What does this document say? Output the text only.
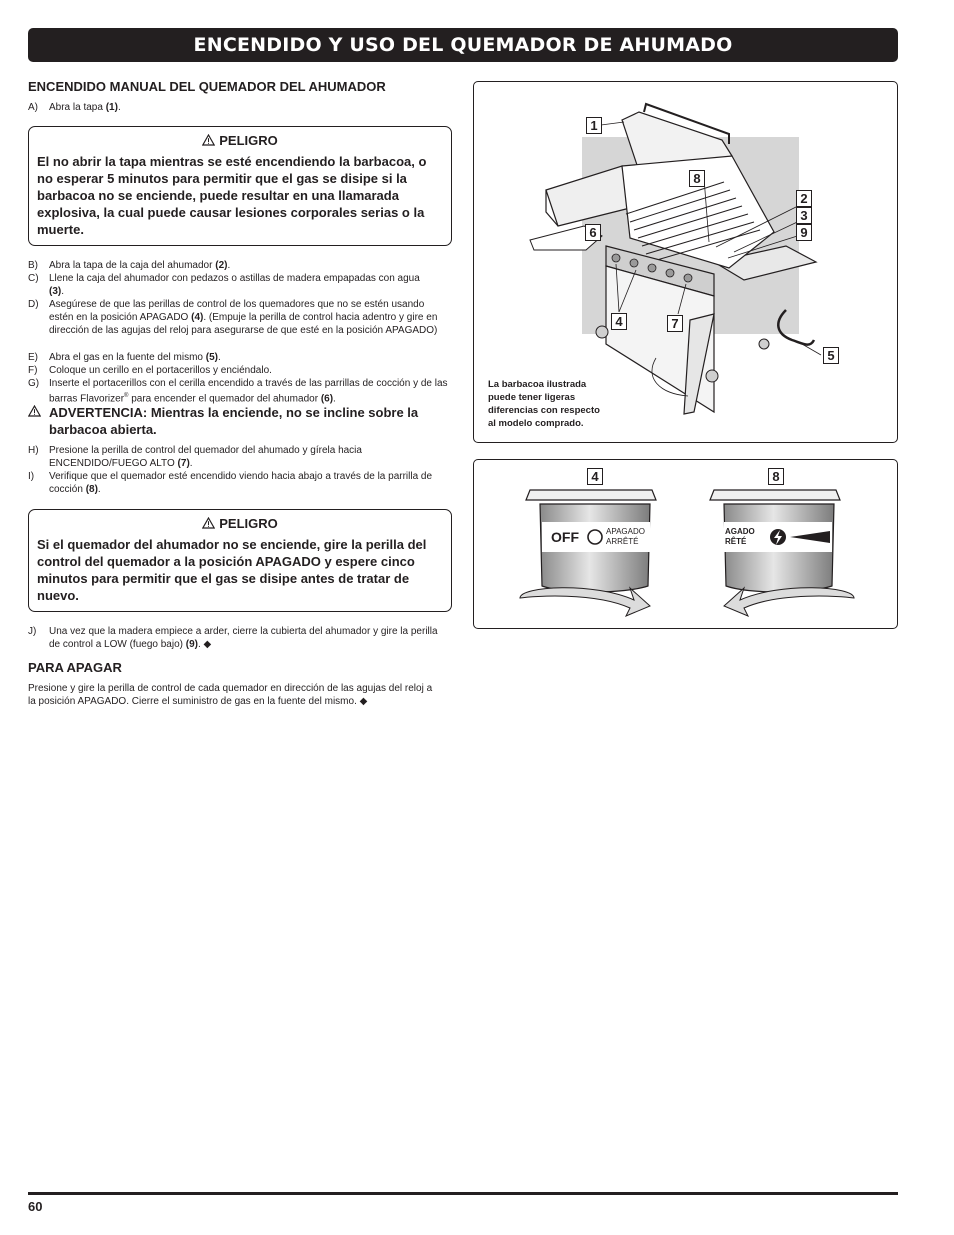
ENCENDIDO Y USO DEL QUEMADOR DE AHUMADO
ENCENDIDO MANUAL DEL QUEMADOR DEL AHUMADOR
A) Abra la tapa (1).
PELIGRO
El no abrir la tapa mientras se esté encendiendo la barbacoa, o no esperar 5 minutos para permitir que el gas se disipe si la barbacoa no se enciende, puede resultar en una llamarada explosiva, la cual puede causar lesiones corporales serias o la muerte.
B) Abra la tapa de la caja del ahumador (2).
C) Llene la caja del ahumador con pedazos o astillas de madera empapadas con agua (3).
D) Asegúrese de que las perillas de control de los quemadores que no se estén usando estén en la posición APAGADO (4). (Empuje la perilla de control hacia adentro y gire en dirección de las agujas del reloj para asegurarse de que esté en la posición APAGADO)
E) Abra el gas en la fuente del mismo (5).
F) Coloque un cerillo en el portacerillos y enciéndalo.
G) Inserte el portacerillos con el cerilla encendido a través de las parrillas de cocción y de las barras Flavorizer® para encender el quemador del ahumador (6).
ADVERTENCIA: Mientras la enciende, no se incline sobre la barbacoa abierta.
H) Presione la perilla de control del quemador del ahumado y gírela hacia ENCENDIDO/FUEGO ALTO (7).
I) Verifique que el quemador esté encendido viendo hacia abajo a través de la parrilla de cocción (8).
PELIGRO
Si el quemador del ahumador no se enciende, gire la perilla del control del quemador a la posición APAGADO y espere cinco minutos para permitir que el gas se disipe antes de tratar de nuevo.
J) Una vez que la madera empiece a arder, cierre la cubierta del ahumador y gire la perilla de control a LOW (fuego bajo) (9). ◆
PARA APAGAR
Presione y gire la perilla de control de cada quemador en dirección de las agujas del reloj a la posición APAGADO. Cierre el suministro de gas en la fuente del mismo. ◆
1
8
6
2
3
9
4	7
5
La barbacoa ilustrada
puede tener ligeras
diferencias con respecto
al modelo comprado.
OFF	APAGADO
ARRÊTÉ
AGADO
RÊTÉ
4	8
60
